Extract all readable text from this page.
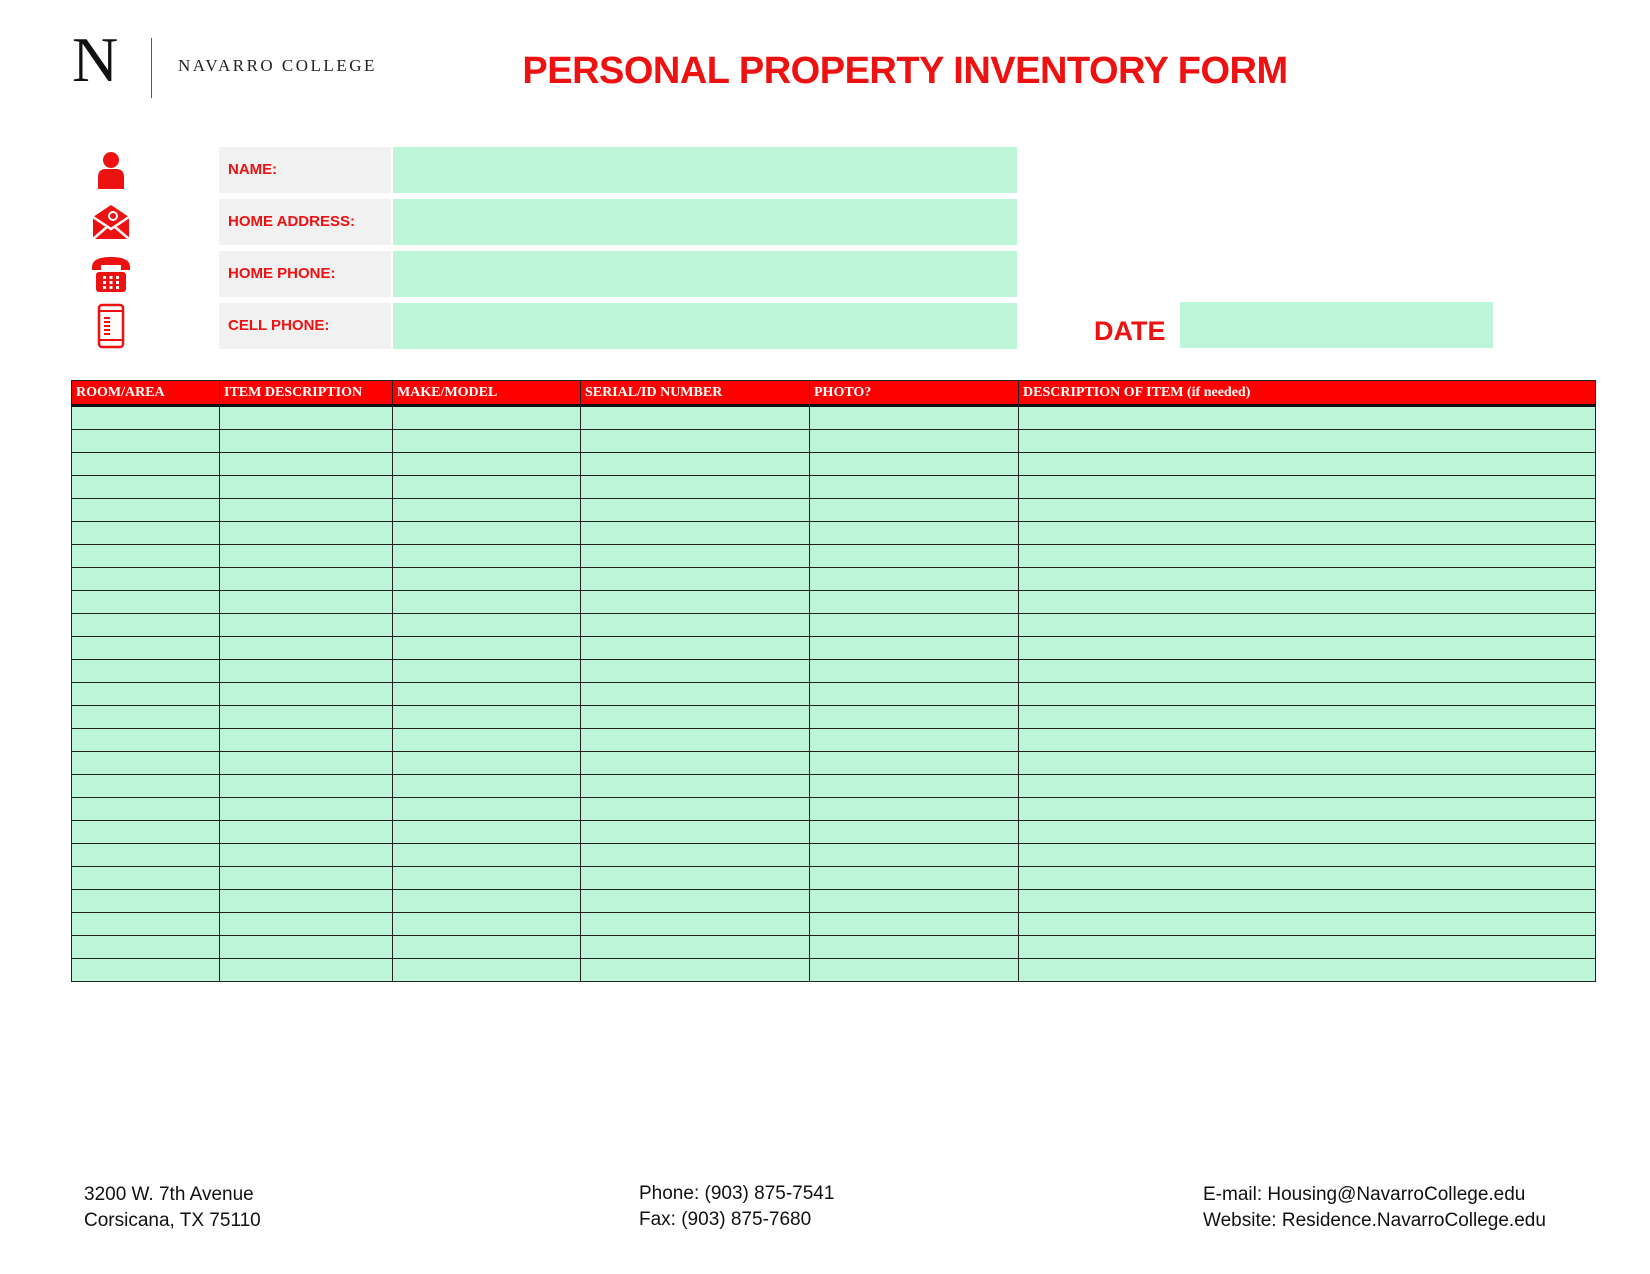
N	NAVARRO COLLEGE	PERSONAL PROPERTY INVENTORY FORM
NAME:
HOME ADDRESS:
HOME PHONE:
CELL PHONE:	DATE
ROOM/AREA	ITEM DESCRIPTION	MAKE/MODEL	SERIAL/ID NUMBER	PHOTO?	DESCRIPTION OF ITEM (if needed)

3200 W. 7th Avenue
Corsicana, TX 75110
Phone: (903) 875-7541
Fax: (903) 875-7680
E-mail: Housing@NavarroCollege.edu
Website: Residence.NavarroCollege.edu
